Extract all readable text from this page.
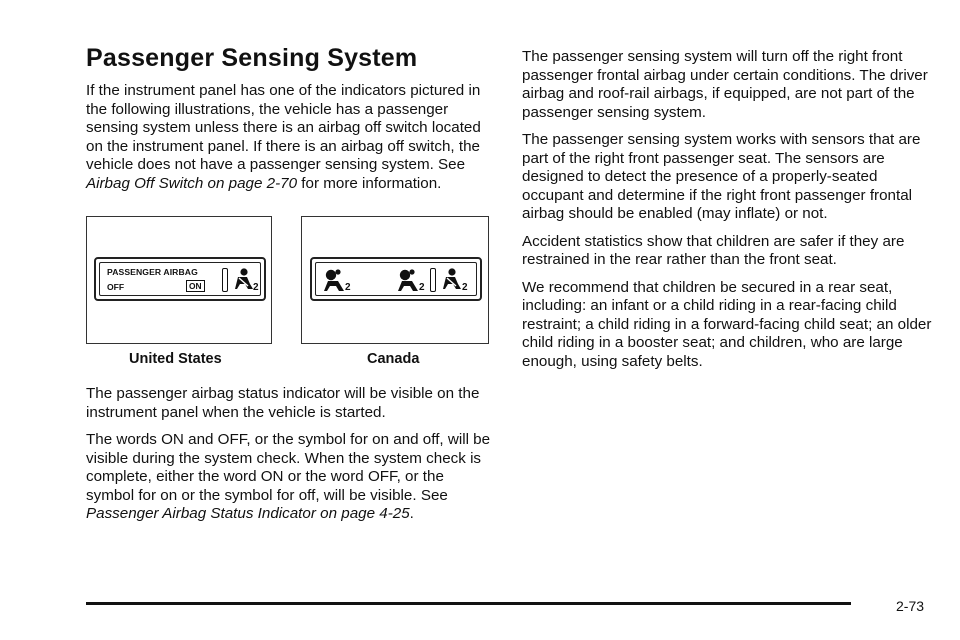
Passenger Sensing System

If the instrument panel has one of the indicators pictured in the following illustrations, the vehicle has a passenger sensing system unless there is an airbag off switch located on the instrument panel. If there is an airbag off switch, the vehicle does not have a passenger sensing system. See Airbag Off Switch on page 2-70 for more information.

PASSENGER AIRBAG
OFF	ON	2
United States
2	2	2
Canada

The passenger airbag status indicator will be visible on the instrument panel when the vehicle is started.

The words ON and OFF, or the symbol for on and off, will be visible during the system check. When the system check is complete, either the word ON or the word OFF, or the symbol for on or the symbol for off, will be visible. See Passenger Airbag Status Indicator on page 4-25.

The passenger sensing system will turn off the right front passenger frontal airbag under certain conditions. The driver airbag and roof-rail airbags, if equipped, are not part of the passenger sensing system.

The passenger sensing system works with sensors that are part of the right front passenger seat. The sensors are designed to detect the presence of a properly-seated occupant and determine if the right front passenger frontal airbag should be enabled (may inflate) or not.

Accident statistics show that children are safer if they are restrained in the rear rather than the front seat.

We recommend that children be secured in a rear seat, including: an infant or a child riding in a rear-facing child restraint; a child riding in a forward-facing child seat; an older child riding in a booster seat; and children, who are large enough, using safety belts.

2-73
